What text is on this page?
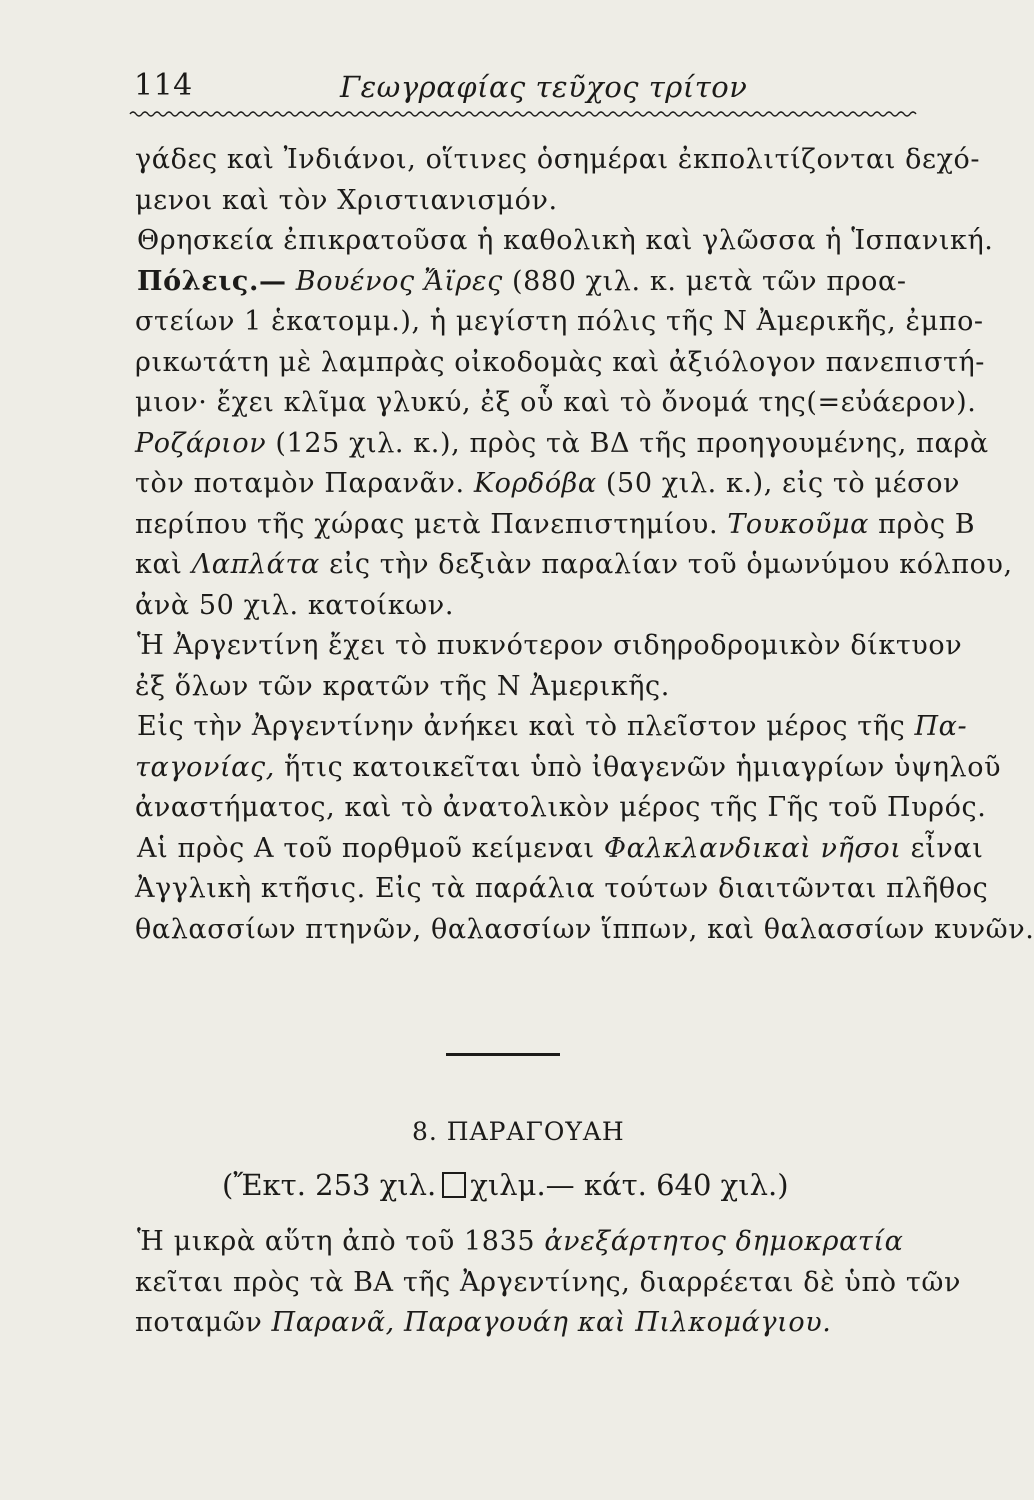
114	Γεωγραφίας τεῦχος τρίτον
γάδες καὶ Ἰνδιάνοι, οἵτινες ὁσημέραι ἐκπολιτίζονται δεχό-
μενοι καὶ τὸν Χριστιανισμόν.
Θρησκεία ἐπικρατοῦσα ἡ καθολικὴ καὶ γλῶσσα ἡ Ἱσπανική.
Πόλεις.— Βουένος Ἄϊρες (880 χιλ. κ. μετὰ τῶν προα-
στείων 1 ἑκατομμ.), ἡ μεγίστη πόλις τῆς Ν Ἀμερικῆς, ἐμπο-
ρικωτάτη μὲ λαμπρὰς οἰκοδομὰς καὶ ἀξιόλογον πανεπιστή-
μιον· ἔχει κλῖμα γλυκύ, ἐξ οὗ καὶ τὸ ὄνομά της(=εὐάερον).
Ροζάριον (125 χιλ. κ.), πρὸς τὰ ΒΔ τῆς προηγουμένης, παρὰ
τὸν ποταμὸν Παρανᾶν. Κορδόβα (50 χιλ. κ.), εἰς τὸ μέσον
περίπου τῆς χώρας μετὰ Πανεπιστημίου. Τουκοῦμα πρὸς Β
καὶ Λαπλάτα εἰς τὴν δεξιὰν παραλίαν τοῦ ὁμωνύμου κόλπου,
ἀνὰ 50 χιλ. κατοίκων.
Ἡ Ἀργεντίνη ἔχει τὸ πυκνότερον σιδηροδρομικὸν δίκτυον
ἐξ ὅλων τῶν κρατῶν τῆς Ν Ἀμερικῆς.
Εἰς τὴν Ἀργεντίνην ἀνήκει καὶ τὸ πλεῖστον μέρος τῆς Πα-
ταγονίας, ἥτις κατοικεῖται ὑπὸ ἰθαγενῶν ἡμιαγρίων ὑψηλοῦ
ἀναστήματος, καὶ τὸ ἀνατολικὸν μέρος τῆς Γῆς τοῦ Πυρός.
Αἱ πρὸς Α τοῦ πορθμοῦ κείμεναι Φαλκλανδικαὶ νῆσοι εἶναι
Ἀγγλικὴ κτῆσις. Εἰς τὰ παράλια τούτων διαιτῶνται πλῆθος
θαλασσίων πτηνῶν, θαλασσίων ἵππων, καὶ θαλασσίων κυνῶν.
8. ΠΑΡΑΓΟΥΑΗ
(Ἔκτ. 253 χιλ. χιλμ.— κάτ. 640 χιλ.)
Ἡ μικρὰ αὕτη ἀπὸ τοῦ 1835 ἀνεξάρτητος δημοκρατία
κεῖται πρὸς τὰ ΒΑ τῆς Ἀργεντίνης, διαρρέεται δὲ ὑπὸ τῶν
ποταμῶν Παρανᾶ, Παραγουάη καὶ Πιλκομάγιου.
